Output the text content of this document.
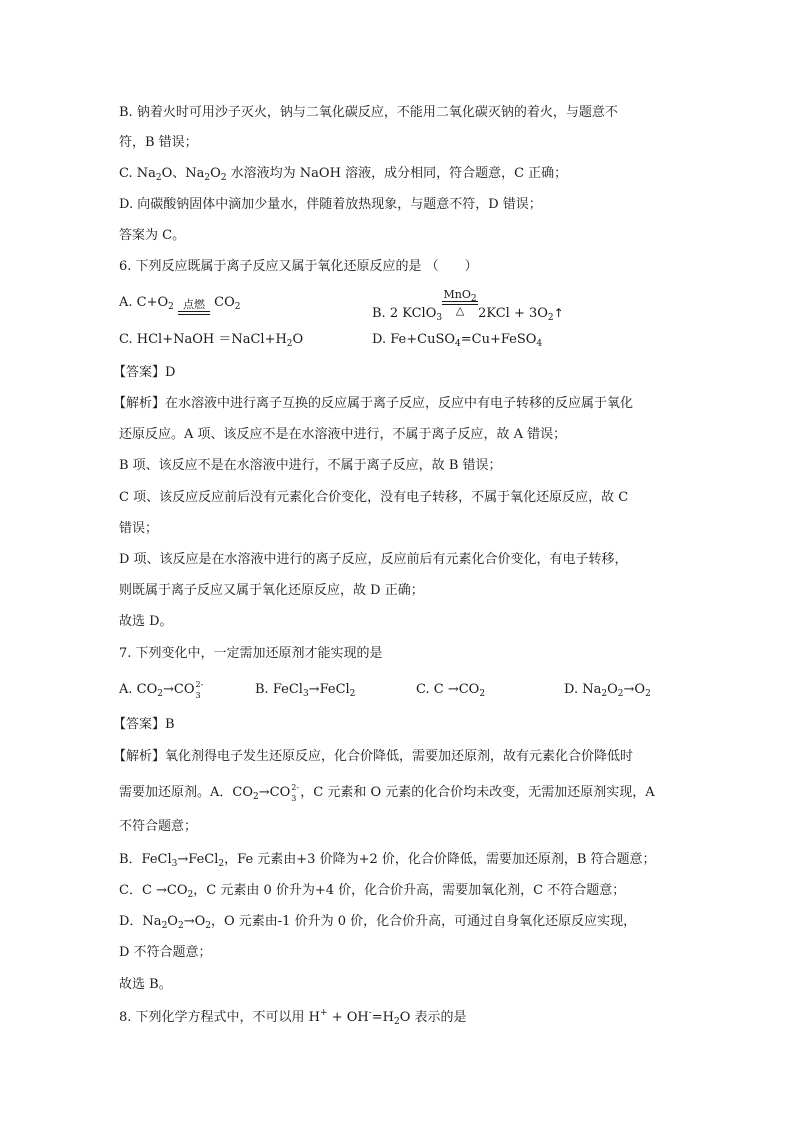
B. 钠着火时可用沙子灭火，钠与二氧化碳反应，不能用二氧化碳灭钠的着火，与题意不
符，B 错误；
C. $Na_2O$、$Na_2O_2$ 水溶液均为 NaOH 溶液，成分相同，符合题意，C 正确；
D. 向碳酸钠固体中滴加少量水，伴随着放热现象，与题意不符，D 错误；
答案为 C。
6. 下列反应既属于离子反应又属于氧化还原反应的是 （　　）
A. $C+O_2$ 点燃 $CO_2$	B. 2 KClO$_3$
MnO$_2$
△	$2KCl + 3O_2↑$
C. HCl+NaOH $=NaCl+H_2O$	D. Fe+CuSO$_4$=Cu+FeSO$_4$
【答案】D
【解析】在水溶液中进行离子互换的反应属于离子反应，反应中有电子转移的反应属于氧化
还原反应。A 项、该反应不是在水溶液中进行，不属于离子反应，故 A 错误；
B 项、该反应不是在水溶液中进行，不属于离子反应，故 B 错误；
C 项、该反应反应前后没有元素化合价变化，没有电子转移，不属于氧化还原反应，故 C
错误；
D 项、该反应是在水溶液中进行的离子反应，反应前后有元素化合价变化，有电子转移，
则既属于离子反应又属于氧化还原反应，故 D 正确；
故选 D。
7. 下列变化中，一定需加还原剂才能实现的是
A. $CO_2\to CO$ 2-
3	B. FeCl$_3$→FeCl$_2$	C. $C \to CO_2$	D. $Na_2O_2\to O_2$
【答案】B
【解析】氧化剂得电子发生还原反应，化合价降低，需要加还原剂，故有元素化合价降低时
需要加还原剂。A．$CO_2\to CO$ 2-
3 ，C 元素和 O 元素的化合价均未改变，无需加还原剂实现，A
不符合题意；
B．FeCl$_3$→FeCl$_2$，Fe 元素由+3 价降为+2 价，化合价降低，需要加还原剂，B 符合题意；
C．$C \to CO_2$，C 元素由 0 价升为+4 价，化合价升高，需要加氧化剂，C 不符合题意；
D．$Na_2O_2\to O_2$，O 元素由-1 价升为 0 价，化合价升高，可通过自身氧化还原反应实现，
D 不符合题意；
故选 B。
8. 下列化学方程式中，不可以用 $H^+ + OH^-=H_2O$ 表示的是
